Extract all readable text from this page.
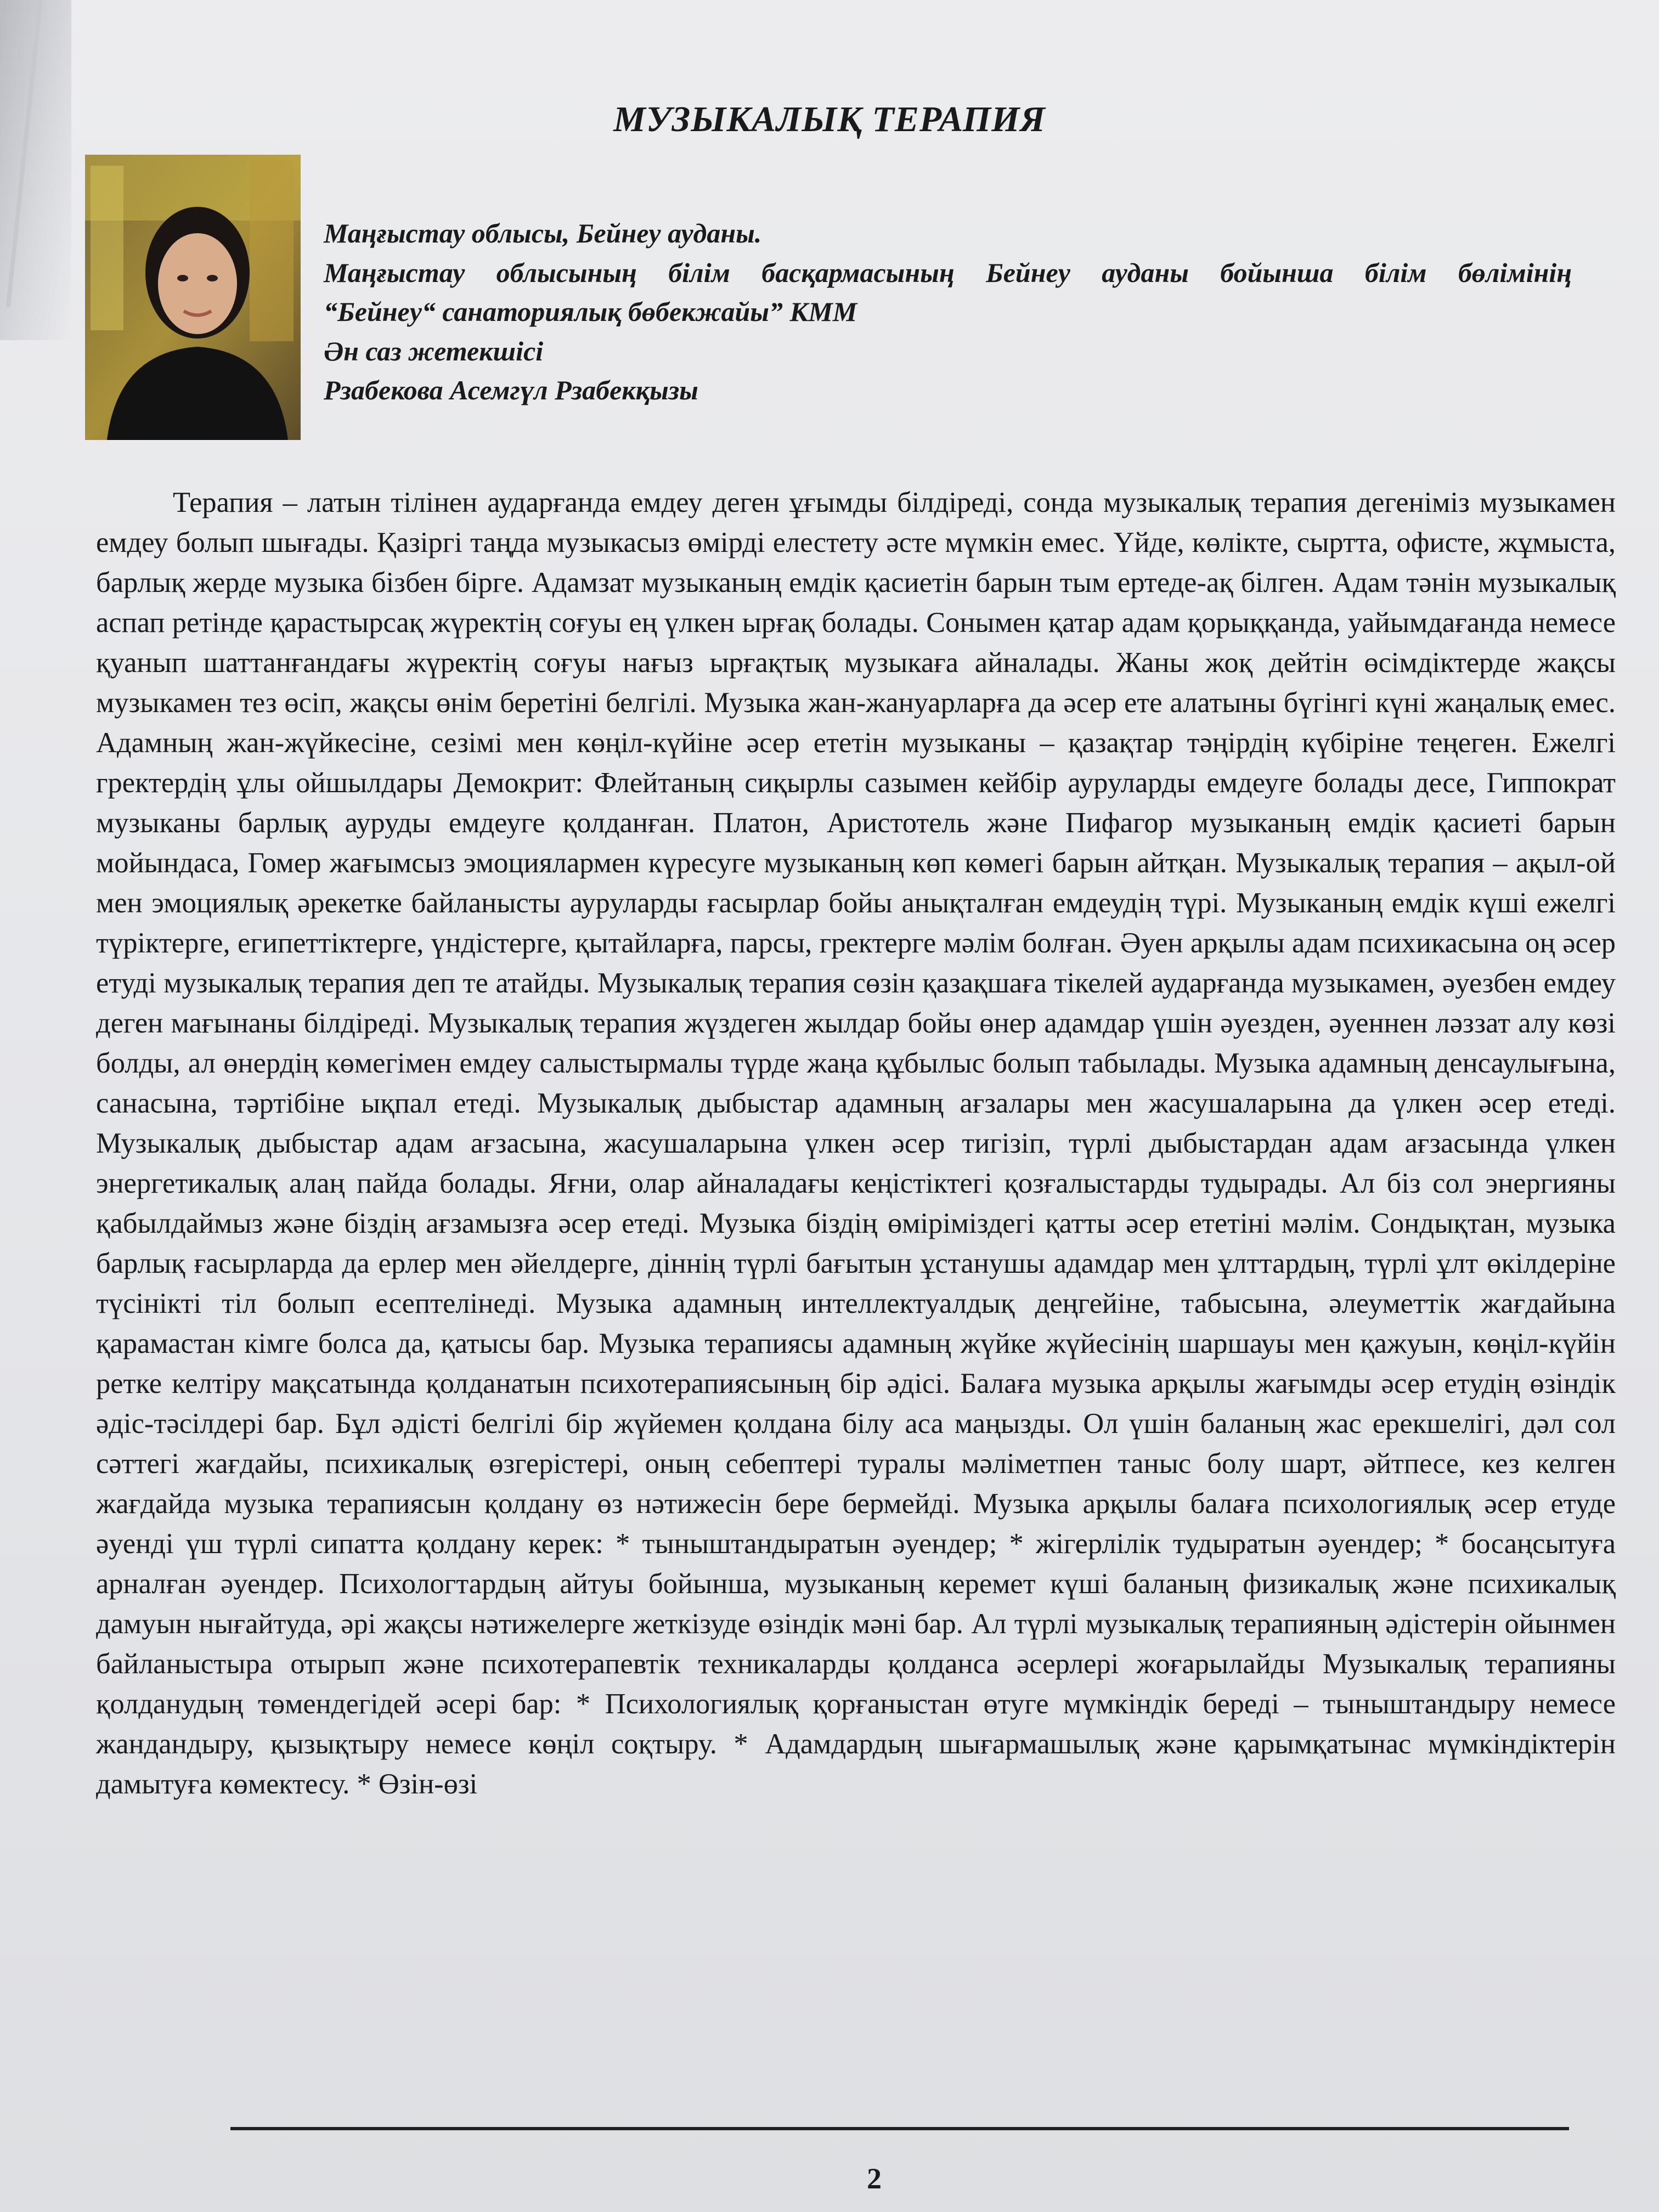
МУЗЫКАЛЫҚ ТЕРАПИЯ
Маңғыстау облысы, Бейнеу ауданы.
Маңғыстау облысының білім басқармасының Бейнеу ауданы бойынша білім бөлімінің
“Бейнеу“ санаториялық бөбекжайы” КММ
Ән саз жетекшісі
Рзабекова Асемгүл Рзабекқызы
Терапия – латын тілінен аударғанда емдеу деген ұғымды білдіреді, сонда музыкалық терапия дегеніміз музыкамен емдеу болып шығады. Қазіргі таңда музыкасыз өмірді елестету әсте мүмкін емес. Үйде, көлікте, сыртта, офисте, жұмыста, барлық жерде музыка бізбен бірге. Адамзат музыканың емдік қасиетін барын тым ертеде-ақ білген. Адам тәнін музыкалық аспап ретінде қарастырсақ жүректің соғуы ең үлкен ырғақ болады. Сонымен қатар адам қорыққанда, уайымдағанда немесе қуанып шаттанғандағы жүректің соғуы нағыз ырғақтық музыкаға айналады. Жаны жоқ дейтін өсімдіктерде жақсы музыкамен тез өсіп, жақсы өнім беретіні белгілі. Музыка жан-жануарларға да әсер ете алатыны бүгінгі күні жаңалық емес. Адамның жан-жүйкесіне, сезімі мен көңіл-күйіне әсер ететін музыканы – қазақтар тәңірдің күбіріне теңеген. Ежелгі гректердің ұлы ойшылдары Демокрит: Флейтаның сиқырлы сазымен кейбір ауруларды емдеуге болады десе, Гиппократ музыканы барлық ауруды емдеуге қолданған. Платон, Аристотель және Пифагор музыканың емдік қасиеті барын мойындаса, Гомер жағымсыз эмоциялармен күресуге музыканың көп көмегі барын айтқан. Музыкалық терапия – ақыл-ой мен эмоциялық әрекетке байланысты ауруларды ғасырлар бойы анықталған емдеудің түрі. Музыканың емдік күші ежелгі түріктерге, египеттіктерге, үндістерге, қытайларға, парсы, гректерге мәлім болған. Әуен арқылы адам психикасына оң әсер етуді музыкалық терапия деп те атайды. Музыкалық терапия сөзін қазақшаға тікелей аударғанда музыкамен, әуезбен емдеу деген мағынаны білдіреді. Музыкалық терапия жүздеген жылдар бойы өнер адамдар үшін әуезден, әуеннен ләззат алу көзі болды, ал өнердің көмегімен емдеу салыстырмалы түрде жаңа құбылыс болып табылады. Музыка адамның денсаулығына, санасына, тәртібіне ықпал етеді. Музыкалық дыбыстар адамның ағзалары мен жасушаларына да үлкен әсер етеді. Музыкалық дыбыстар адам ағзасына, жасушаларына үлкен әсер тигізіп, түрлі дыбыстардан адам ағзасында үлкен энергетикалық алаң пайда болады. Яғни, олар айналадағы кеңістіктегі қозғалыстарды тудырады. Ал біз сол энергияны қабылдаймыз және біздің ағзамызға әсер етеді. Музыка біздің өміріміздегі қатты әсер ететіні мәлім. Сондықтан, музыка барлық ғасырларда да ерлер мен әйелдерге, діннің түрлі бағытын ұстанушы адамдар мен ұлттардың, түрлі ұлт өкілдеріне түсінікті тіл болып есептелінеді. Музыка адамның интеллектуалдық деңгейіне, табысына, әлеуметтік жағдайына қарамастан кімге болса да, қатысы бар. Музыка терапиясы адамның жүйке жүйесінің шаршауы мен қажуын, көңіл-күйін ретке келтіру мақсатында қолданатын психотерапиясының бір әдісі. Балаға музыка арқылы жағымды әсер етудің өзіндік әдіс-тәсілдері бар. Бұл әдісті белгілі бір жүйемен қолдана білу аса маңызды. Ол үшін баланың жас ерекшелігі, дәл сол сәттегі жағдайы, психикалық өзгерістері, оның себептері туралы мәліметпен таныс болу шарт, әйтпесе, кез келген жағдайда музыка терапиясын қолдану өз нәтижесін бере бермейді. Музыка арқылы балаға психологиялық әсер етуде әуенді үш түрлі сипатта қолдану керек: * тыныштандыратын әуендер; * жігерлілік тудыратын әуендер; * босаңсытуға арналған әуендер. Психологтардың айтуы бойынша, музыканың керемет күші баланың физикалық және психикалық дамуын нығайтуда, әрі жақсы нәтижелерге жеткізуде өзіндік мәні бар. Ал түрлі музыкалық терапияның әдістерін ойынмен байланыстыра отырып және психотерапевтік техникаларды қолданса әсерлері жоғарылайды Музыкалық терапияны қолданудың төмендегідей әсері бар: * Психологиялық қорғаныстан өтуге мүмкіндік береді – тыныштандыру немесе жандандыру, қызықтыру немесе көңіл соқтыру. * Адамдардың шығармашылық және қарымқатынас мүмкіндіктерін дамытуға көмектесу. * Өзін-өзі
2
